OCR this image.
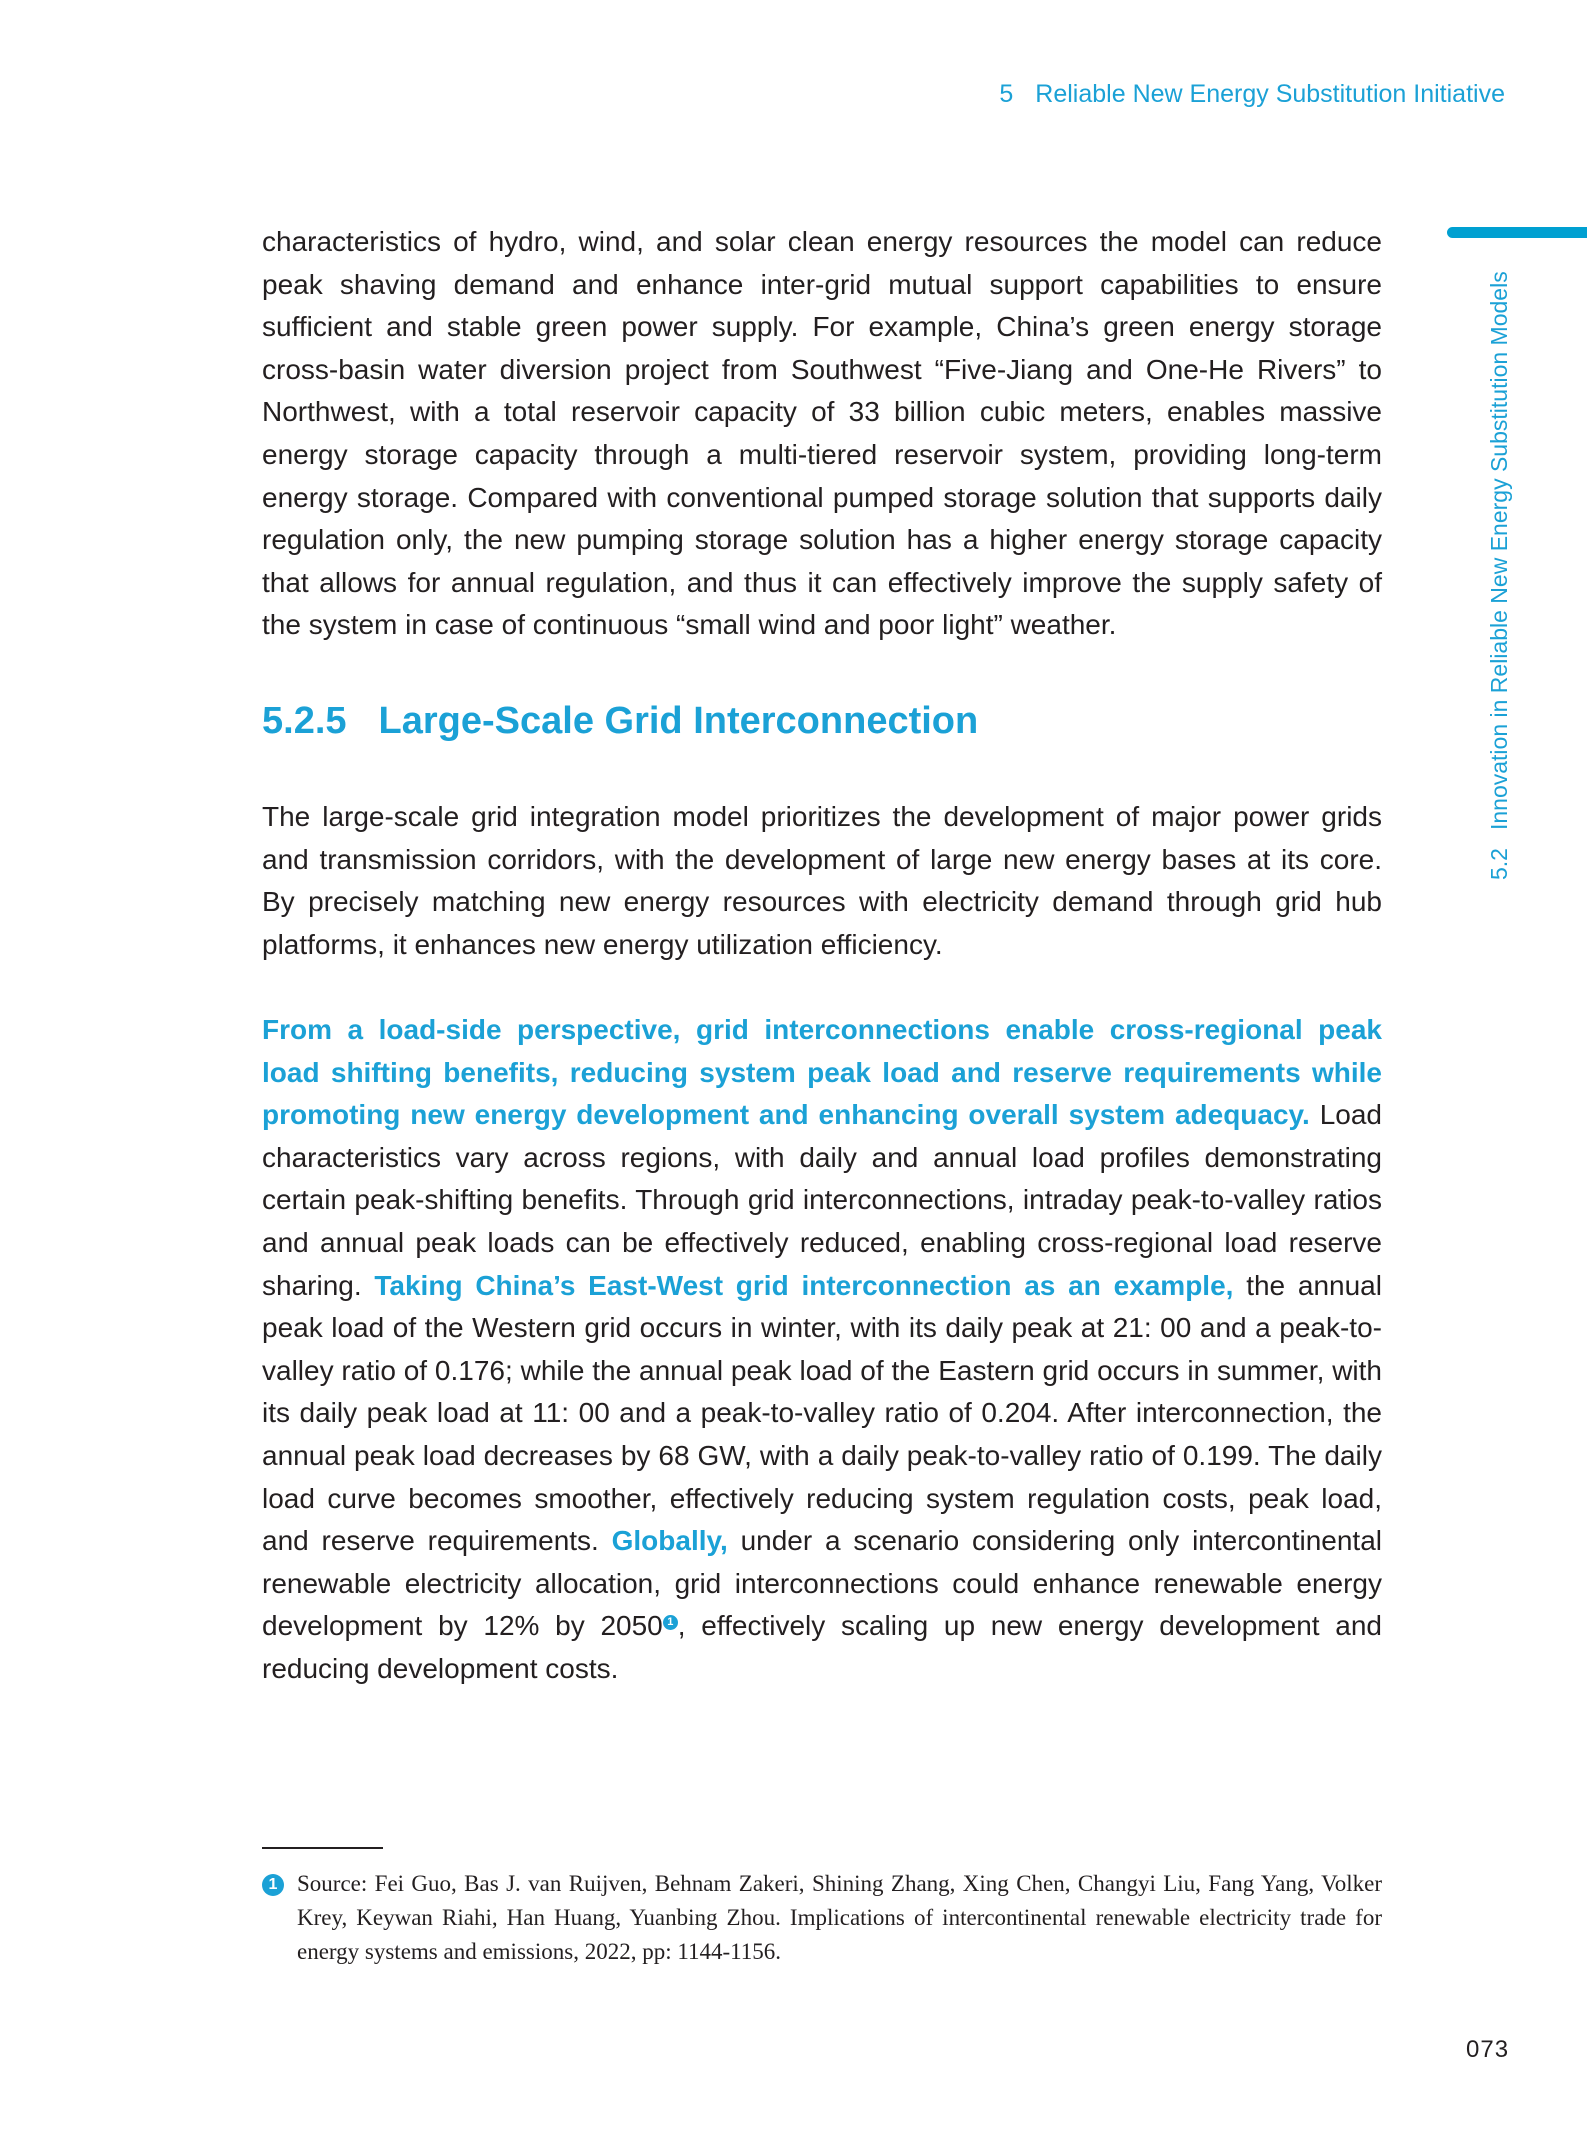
5 Reliable New Energy Substitution Initiative
5.2Innovation in Reliable New Energy Substitution Models

characteristics of hydro, wind, and solar clean energy resources the model can reduce peak shaving demand and enhance inter-grid mutual support capabilities to ensure sufficient and stable green power supply. For example, China’s green energy storage cross-basin water diversion project from Southwest “Five-Jiang and One-He Rivers” to Northwest, with a total reservoir capacity of 33 billion cubic meters, enables massive energy storage capacity through a multi-tiered reservoir system, providing long-term energy storage. Compared with conventional pumped storage solution that supports daily regulation only, the new pumping storage solution has a higher energy storage capacity that allows for annual regulation, and thus it can effectively improve the supply safety of the system in case of continuous “small wind and poor light” weather.

5.2.5 Large-Scale Grid Interconnection

The large-scale grid integration model prioritizes the development of major power grids and transmission corridors, with the development of large new energy bases at its core. By precisely matching new energy resources with electricity demand through grid hub platforms, it enhances new energy utilization efficiency.

From a load-side perspective, grid interconnections enable cross-regional peak load shifting benefits, reducing system peak load and reserve requirements while promoting new energy development and enhancing overall system adequacy. Load characteristics vary across regions, with daily and annual load profiles demonstrating certain peak-shifting benefits. Through grid interconnections, intraday peak-to-valley ratios and annual peak loads can be effectively reduced, enabling cross-regional load reserve sharing. Taking China’s East-West grid interconnection as an example, the annual peak load of the Western grid occurs in winter, with its daily peak at 21: 00 and a peak-to-valley ratio of 0.176; while the annual peak load of the Eastern grid occurs in summer, with its daily peak load at 11: 00 and a peak-to-valley ratio of 0.204. After interconnection, the annual peak load decreases by 68 GW, with a daily peak-to-valley ratio of 0.199. The daily load curve becomes smoother, effectively reducing system regulation costs, peak load, and reserve requirements. Globally, under a scenario considering only intercontinental renewable electricity allocation, grid interconnections could enhance renewable energy development by 12% by 2050 1 , effectively scaling up new energy development and reducing development costs.

1 Source: Fei Guo, Bas J. van Ruijven, Behnam Zakeri, Shining Zhang, Xing Chen, Changyi Liu, Fang Yang, Volker Krey, Keywan Riahi, Han Huang, Yuanbing Zhou. Implications of intercontinental renewable electricity trade for energy systems and emissions, 2022, pp: 1144-1156.
073
